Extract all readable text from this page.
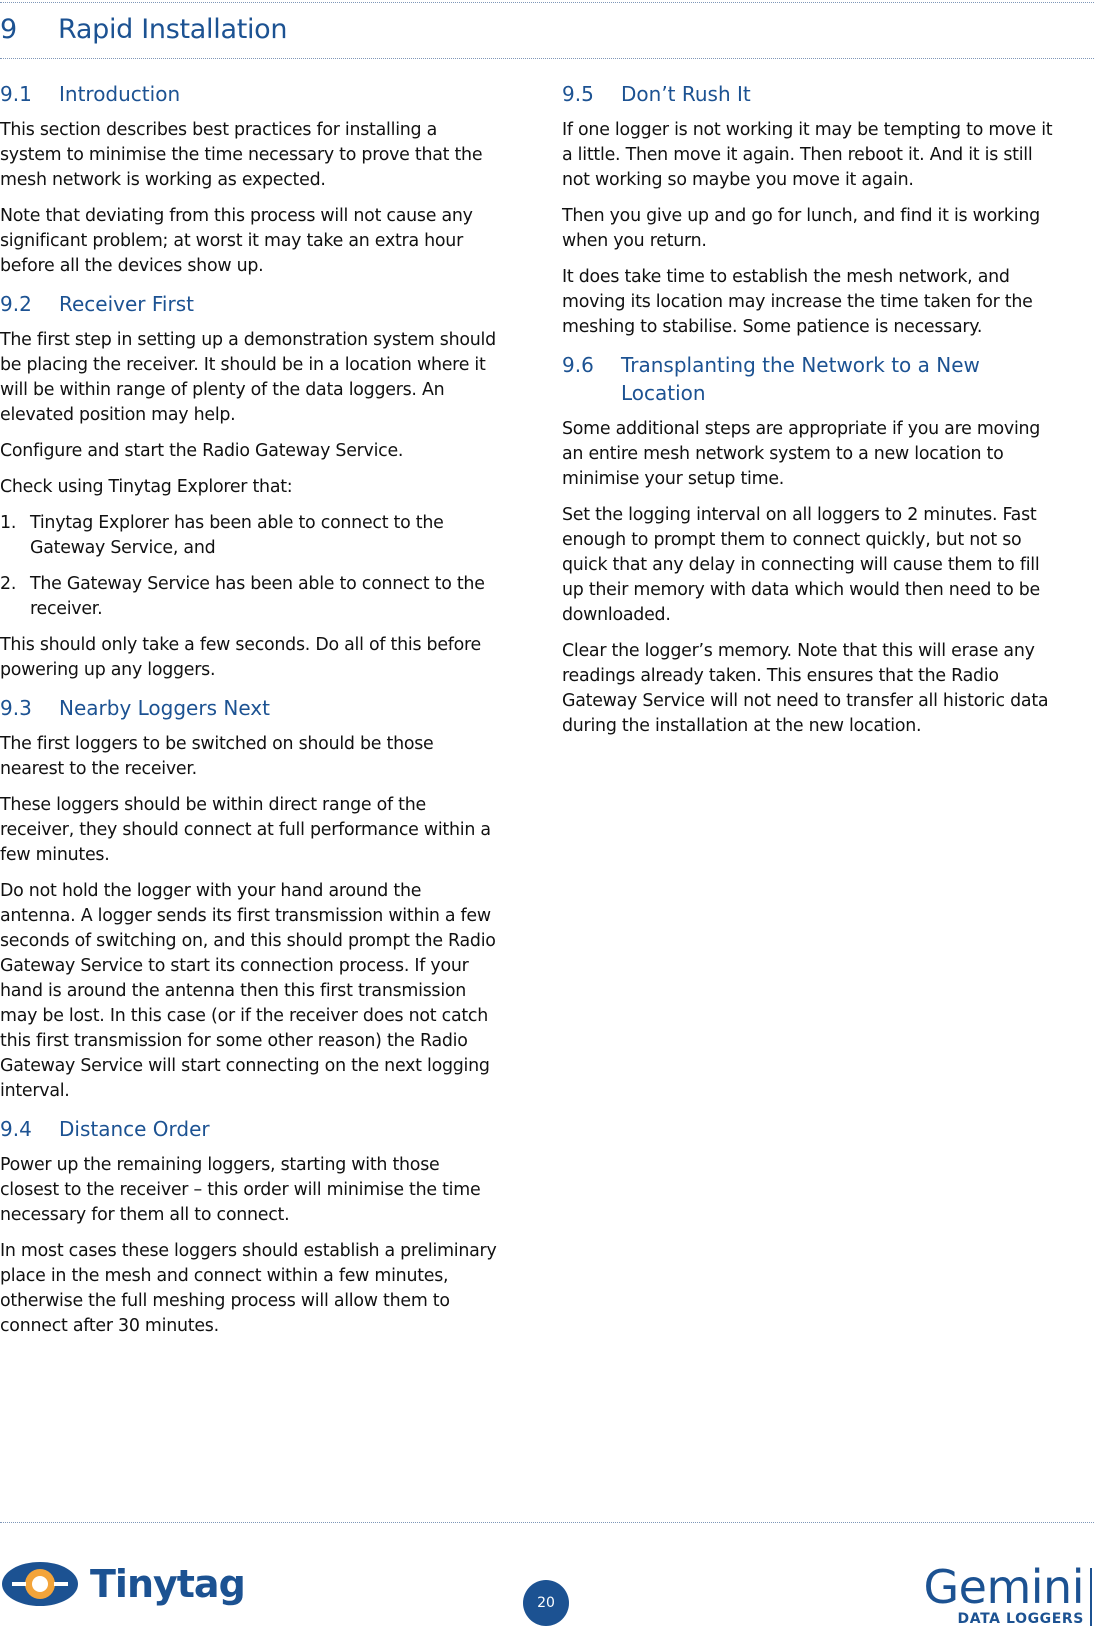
9 Rapid Installation
9.1	Introduction

This section describes best practices for installing a system to minimise the time necessary to prove that the mesh network is working as expected.

Note that deviating from this process will not cause any significant problem; at worst it may take an extra hour before all the devices show up.

9.2	Receiver First

The first step in setting up a demonstration system should be placing the receiver. It should be in a location where it will be within range of plenty of the data loggers. An elevated position may help.

Configure and start the Radio Gateway Service.

Check using Tinytag Explorer that:

1. Tinytag Explorer has been able to connect to the Gateway Service, and
2. The Gateway Service has been able to connect to the receiver.

This should only take a few seconds. Do all of this before powering up any loggers.

9.3	Nearby Loggers Next

The first loggers to be switched on should be those nearest to the receiver.

These loggers should be within direct range of the receiver, they should connect at full performance within a few minutes.

Do not hold the logger with your hand around the antenna. A logger sends its first transmission within a few seconds of switching on, and this should prompt the Radio Gateway Service to start its connection process. If your hand is around the antenna then this first transmission may be lost. In this case (or if the receiver does not catch this first transmission for some other reason) the Radio Gateway Service will start connecting on the next logging interval.

9.4	Distance Order

Power up the remaining loggers, starting with those closest to the receiver – this order will minimise the time necessary for them all to connect.

In most cases these loggers should establish a preliminary place in the mesh and connect within a few minutes, otherwise the full meshing process will allow them to connect after 30 minutes.

9.5	Don’t Rush It

If one logger is not working it may be tempting to move it a little. Then move it again. Then reboot it. And it is still not working so maybe you move it again.

Then you give up and go for lunch, and find it is working when you return.

It does take time to establish the mesh network, and moving its location may increase the time taken for the meshing to stabilise. Some patience is necessary.

9.6	Transplanting the Network to a New Location

Some additional steps are appropriate if you are moving an entire mesh network system to a new location to minimise your setup time.

Set the logging interval on all loggers to 2 minutes. Fast enough to prompt them to connect quickly, but not so quick that any delay in connecting will cause them to fill up their memory with data which would then need to be downloaded.

Clear the logger’s memory. Note that this will erase any readings already taken. This ensures that the Radio Gateway Service will not need to transfer all historic data during the installation at the new location.

Tinytag	20	Gemini
DATA LOGGERS
